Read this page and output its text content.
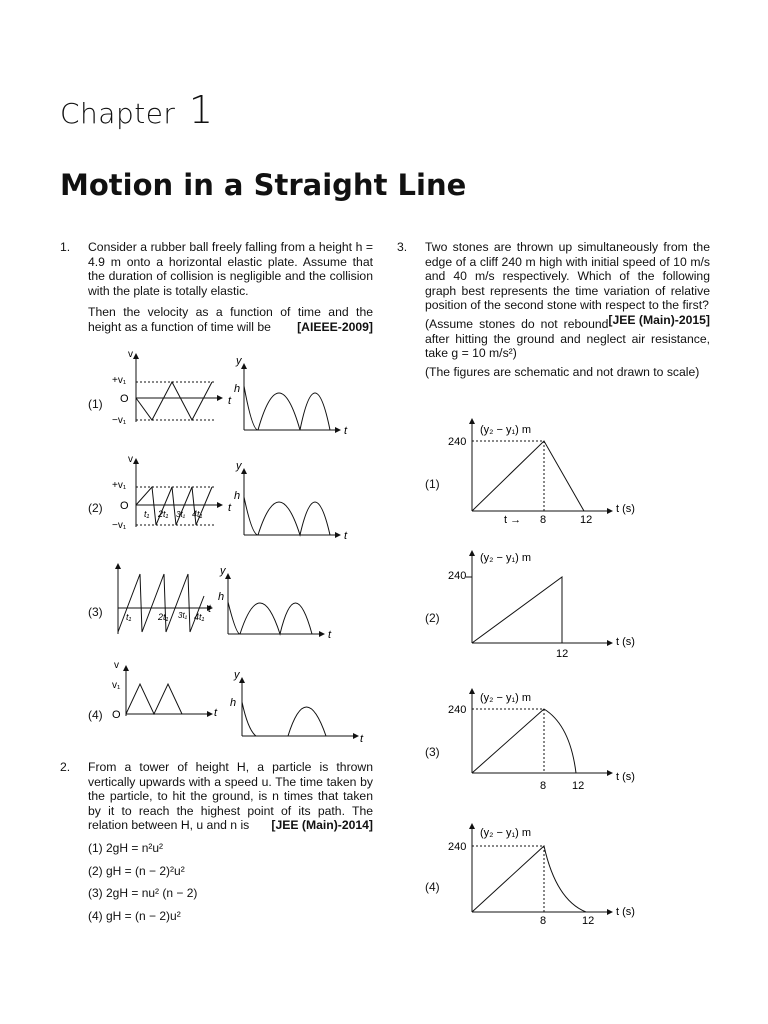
Chapter 1
Motion in a Straight Line
1. Consider a rubber ball freely falling from a height h = 4.9 m onto a horizontal elastic plate. Assume that the duration of collision is negligible and the collision with the plate is totally elastic.

Then the velocity as a function of time and the height as a function of time will be [AIEEE-2009]

(1)
(2)
(3)
(4)
v
+v₁
O
−v₁
t
y
h
t
v
+v₁
O
−v₁
t₁ 2t₁ 3t₁ 4t₁ t
y
h
t
t₁	2t₁ 3t₁ 4t₁
t
y
h
t
v
v₁
O	t
y
h
t
2. From a tower of height H, a particle is thrown vertically upwards with a speed u. The time taken by the particle, to hit the ground, is n times that taken by it to reach the highest point of its path. The relation between H, u and n is [JEE (Main)-2014]

(1) 2gH = n²u²
(2) gH = (n − 2)²u²
(3) 2gH = nu² (n − 2)
(4) gH = (n − 2)u²
3. Two stones are thrown up simultaneously from the edge of a cliff 240 m high with initial speed of 10 m/s and 40 m/s respectively. Which of the following graph best represents the time variation of relative position of the second stone with respect to the first?
[JEE (Main)-2015]

(Assume stones do not rebound after hitting the ground and neglect air resistance, take g = 10 m/s²)

(The figures are schematic and not drawn to scale)

(1)
(2)
(3)
(4)
(y₂ − y₁) m
240
t → 8	12
t (s)
(y₂ − y₁) m
240
12
t (s)
(y₂ − y₁) m
240
8 12
t (s)
(y₂ − y₁) m
240
8	12
t (s)
